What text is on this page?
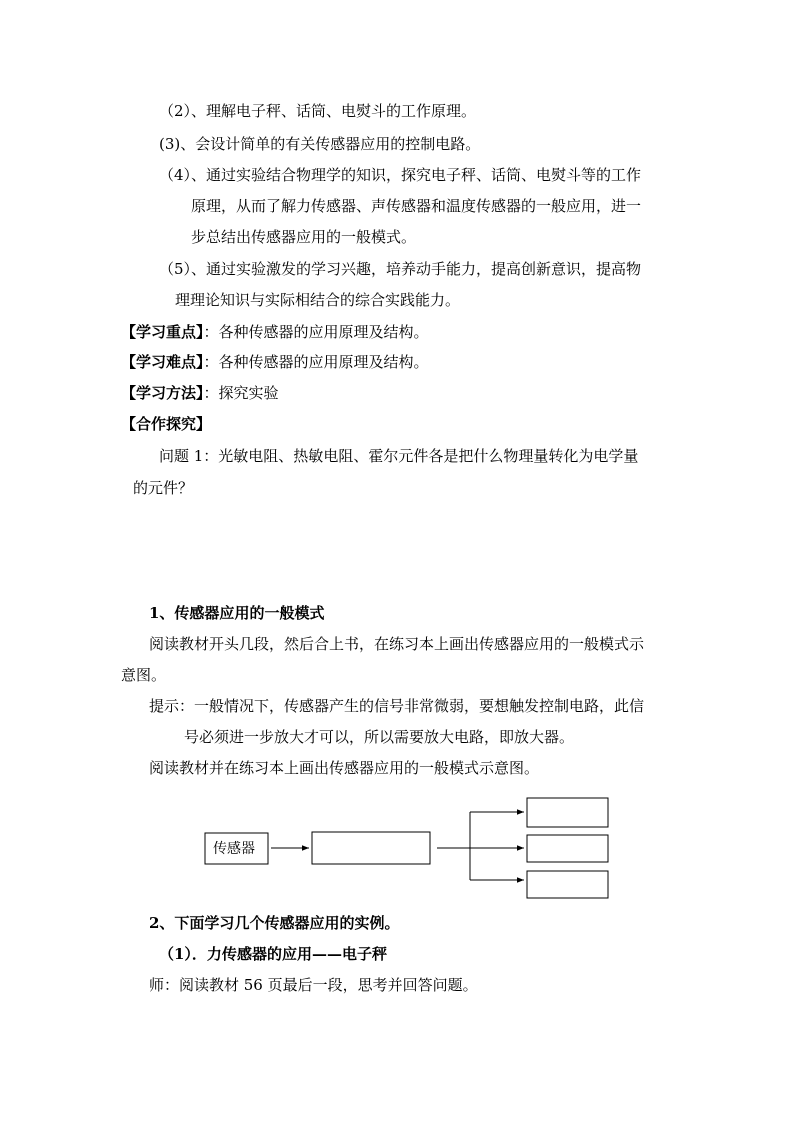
（2）、理解电子秤、话筒、电熨斗的工作原理。
(3)、会设计简单的有关传感器应用的控制电路。
（4）、通过实验结合物理学的知识，探究电子秤、话筒、电熨斗等的工作
原理，从而了解力传感器、声传感器和温度传感器的一般应用，进一
步总结出传感器应用的一般模式。
（5）、通过实验激发的学习兴趣，培养动手能力，提高创新意识，提高物
理理论知识与实际相结合的综合实践能力。
【学习重点】：各种传感器的应用原理及结构。
【学习难点】：各种传感器的应用原理及结构。
【学习方法】：探究实验
【合作探究】
问题 1：光敏电阻、热敏电阻、霍尔元件各是把什么物理量转化为电学量
的元件？
1、传感器应用的一般模式
阅读教材开头几段，然后合上书，在练习本上画出传感器应用的一般模式示
意图。
提示：一般情况下，传感器产生的信号非常微弱，要想触发控制电路，此信
号必须进一步放大才可以，所以需要放大电路，即放大器。
阅读教材并在练习本上画出传感器应用的一般模式示意图。
传感器
2、下面学习几个传感器应用的实例。
（1）．力传感器的应用——电子秤
师：阅读教材 56 页最后一段，思考并回答问题。
